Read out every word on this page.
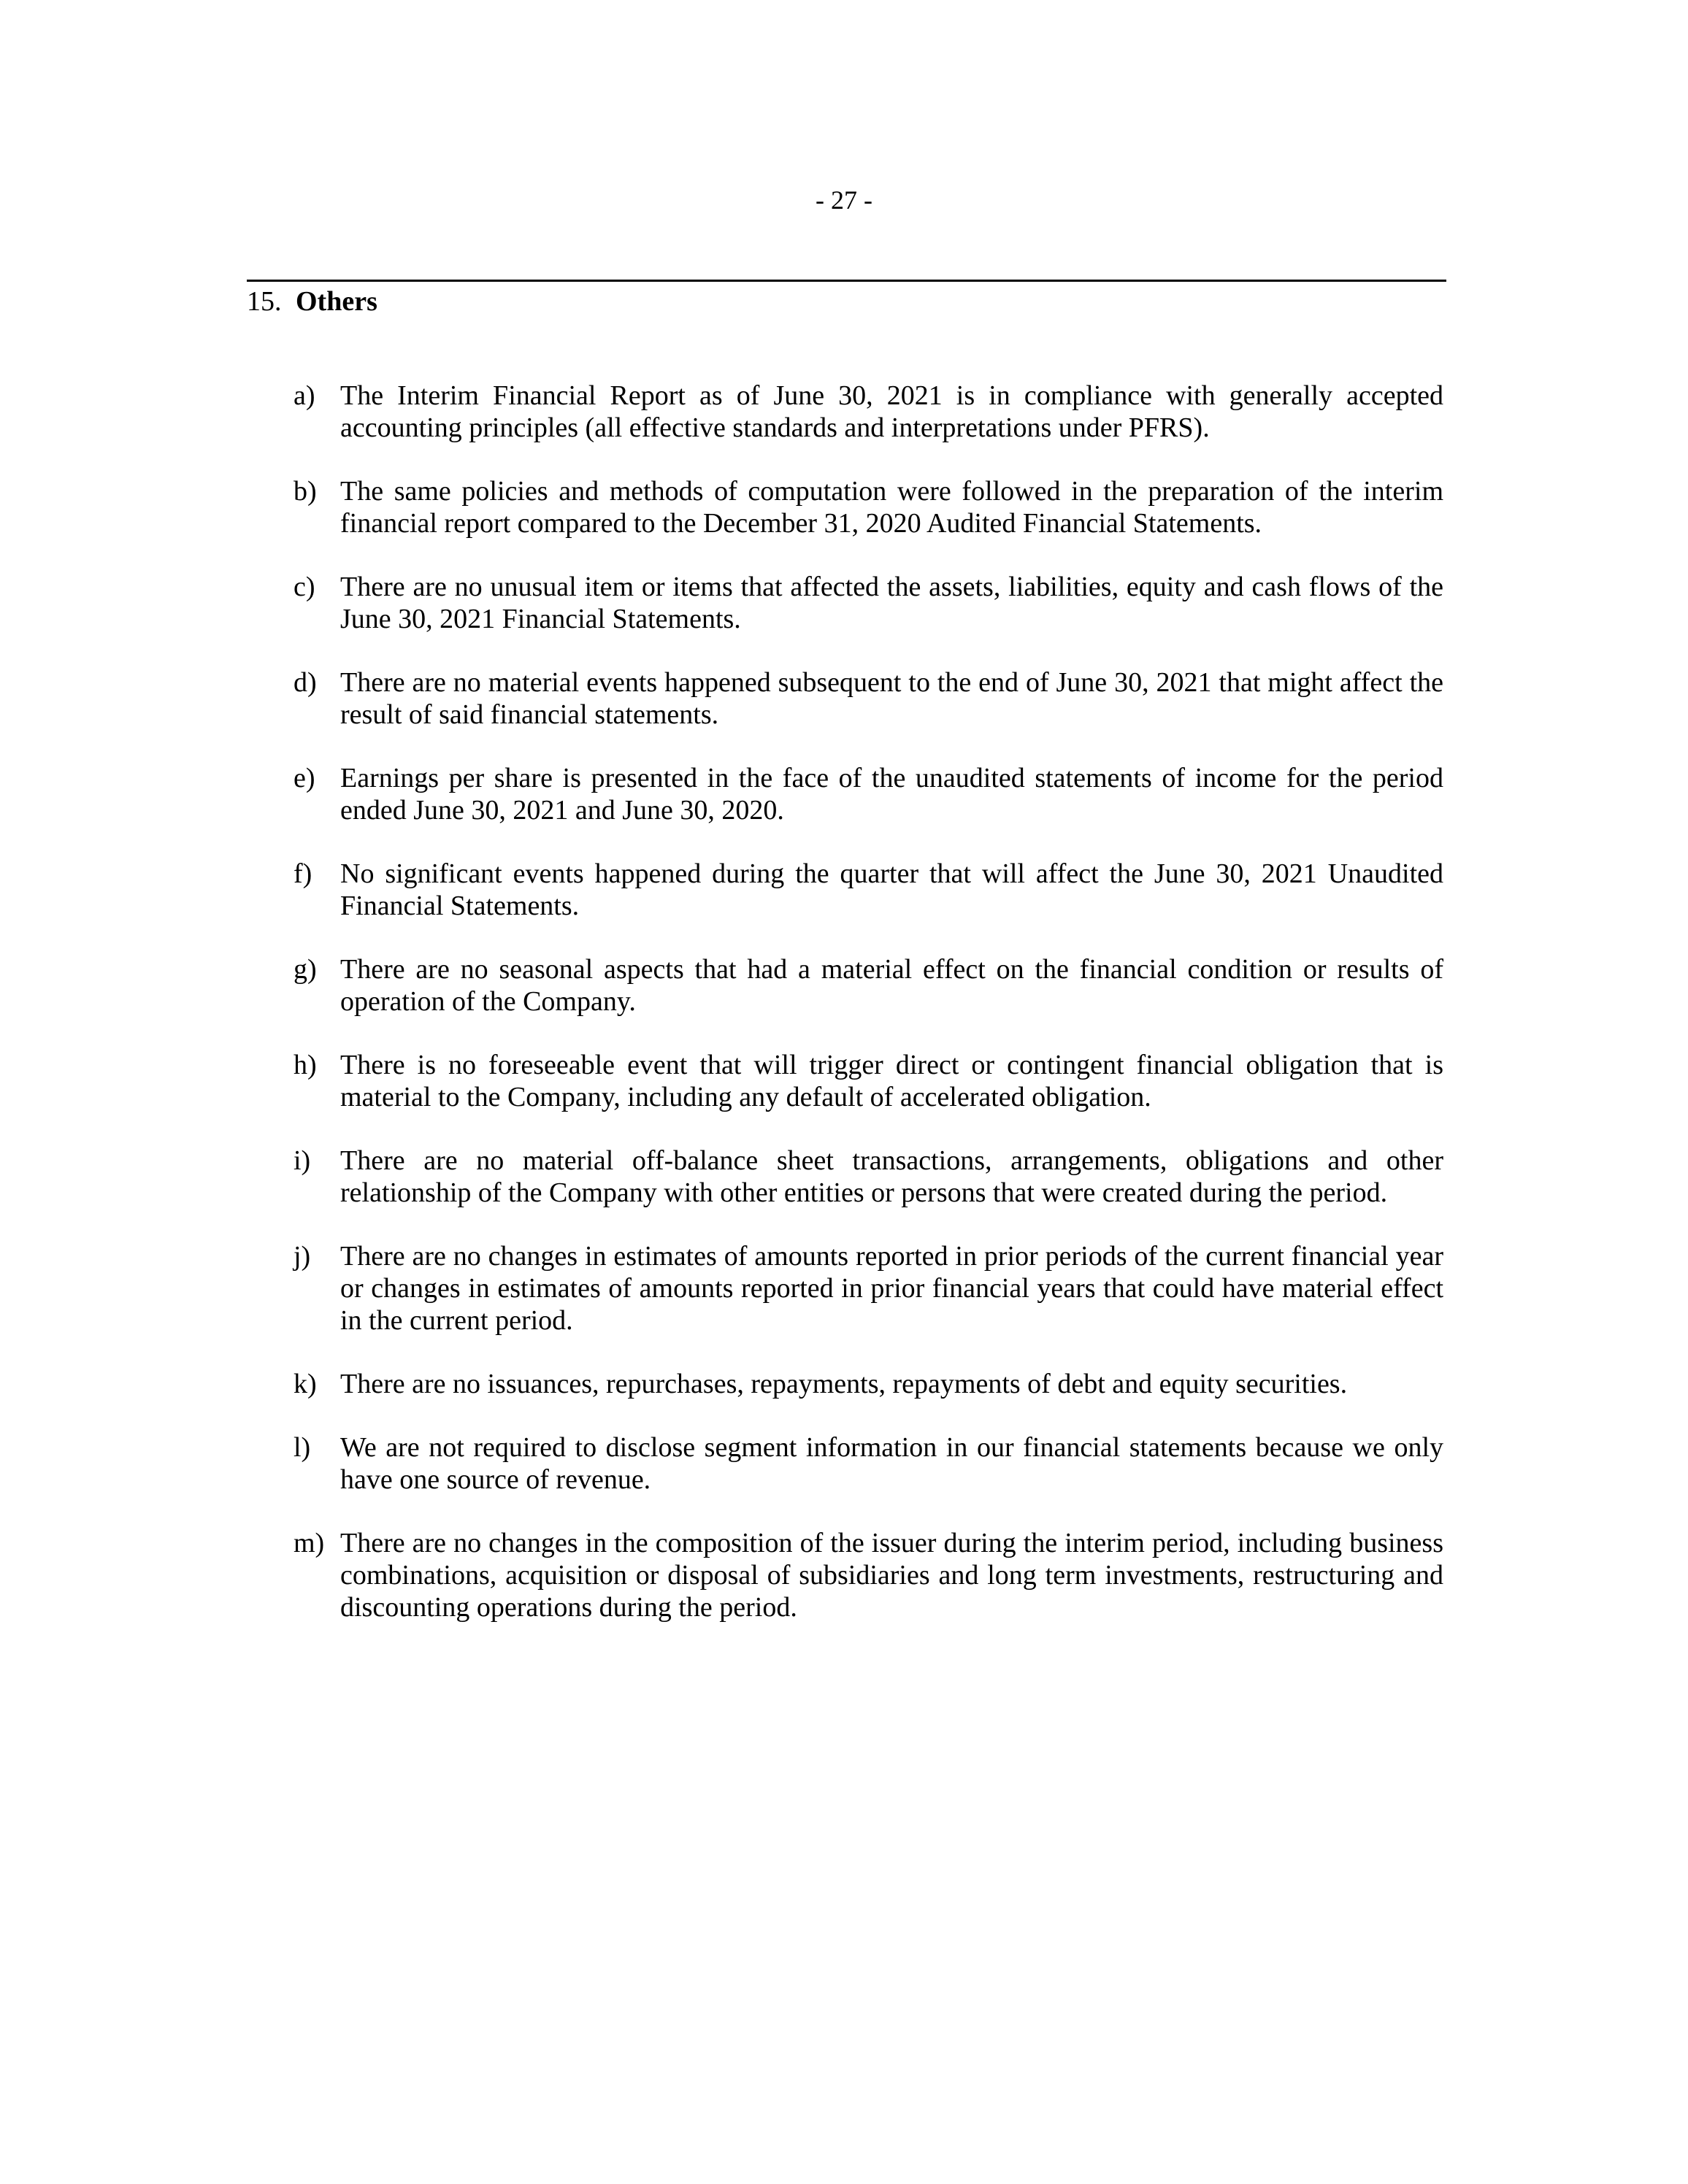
- 27 -
15. Others
a) The Interim Financial Report as of June 30, 2021 is in compliance with generally accepted accounting principles (all effective standards and interpretations under PFRS).
b) The same policies and methods of computation were followed in the preparation of the interim financial report compared to the December 31, 2020 Audited Financial Statements.
c) There are no unusual item or items that affected the assets, liabilities, equity and cash flows of the June 30, 2021 Financial Statements.
d) There are no material events happened subsequent to the end of June 30, 2021 that might affect the result of said financial statements.
e) Earnings per share is presented in the face of the unaudited statements of income for the period ended June 30, 2021 and June 30, 2020.
f) No significant events happened during the quarter that will affect the June 30, 2021 Unaudited Financial Statements.
g) There are no seasonal aspects that had a material effect on the financial condition or results of operation of the Company.
h) There is no foreseeable event that will trigger direct or contingent financial obligation that is material to the Company, including any default of accelerated obligation.
i) There are no material off-balance sheet transactions, arrangements, obligations and other relationship of the Company with other entities or persons that were created during the period.
j) There are no changes in estimates of amounts reported in prior periods of the current financial year or changes in estimates of amounts reported in prior financial years that could have material effect in the current period.
k) There are no issuances, repurchases, repayments, repayments of debt and equity securities.
l) We are not required to disclose segment information in our financial statements because we only have one source of revenue.
m) There are no changes in the composition of the issuer during the interim period, including business combinations, acquisition or disposal of subsidiaries and long term investments, restructuring and discounting operations during the period.
